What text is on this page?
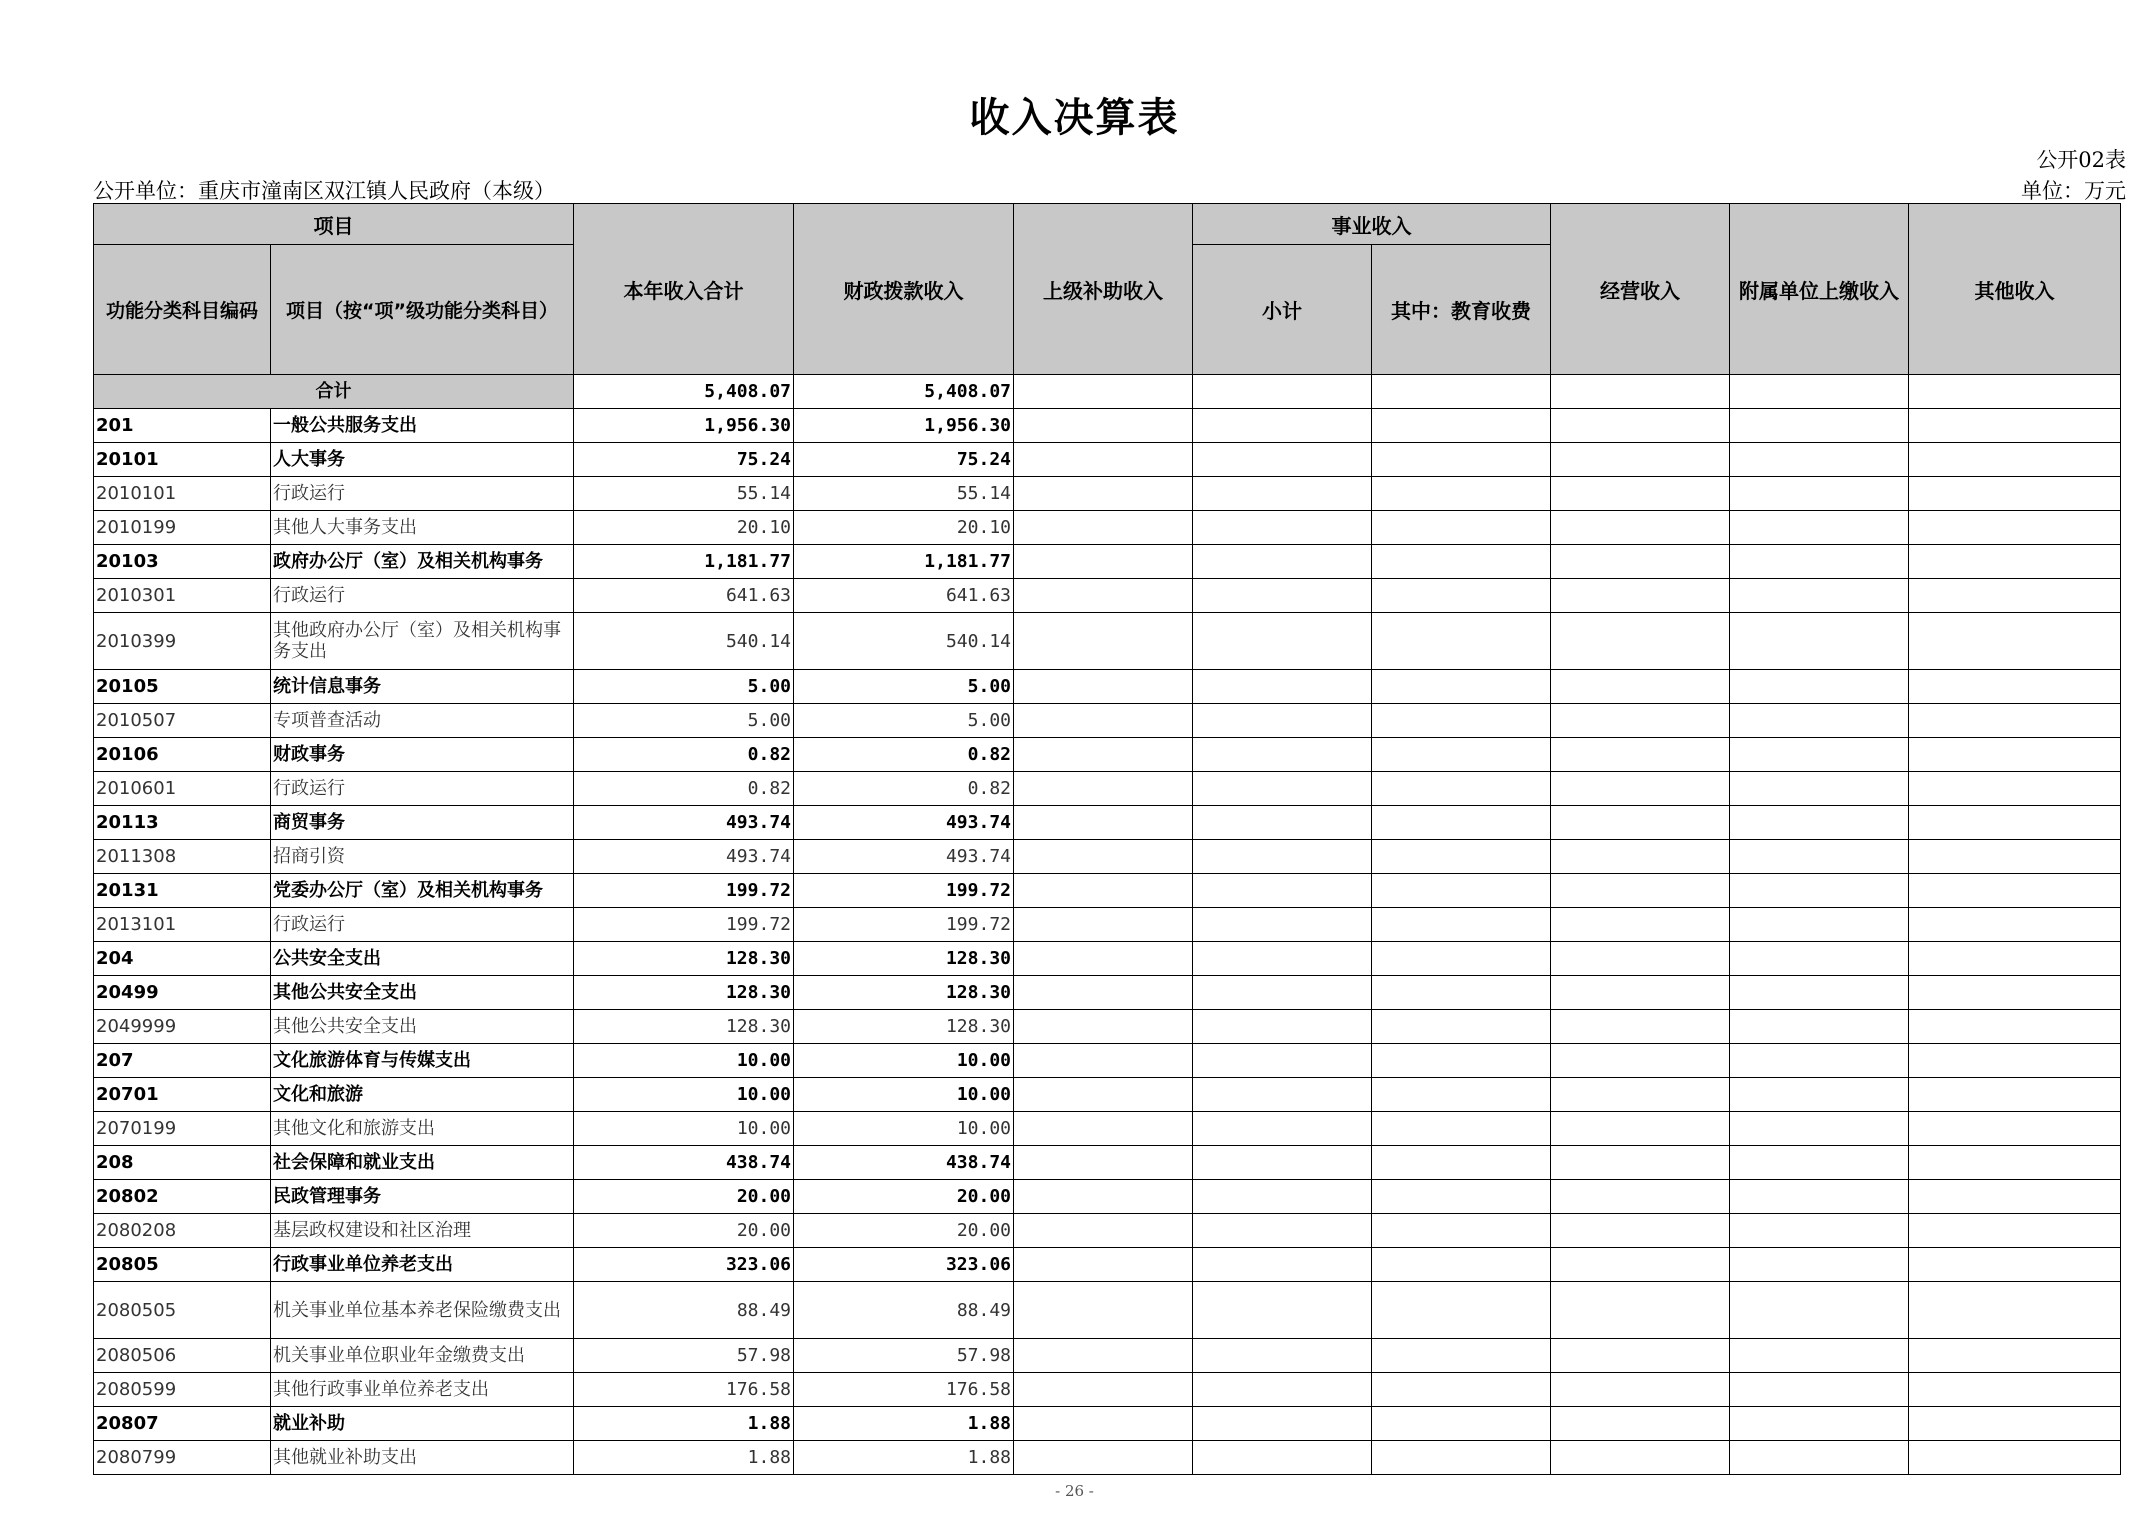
收入决算表
公开02表
公开单位：重庆市潼南区双江镇人民政府（本级）	单位：万元
项目		本年收入合计	财政拨款收入	上级补助收入	事业收入		经营收入	附属单位上缴收入	其他收入
功能分类科目编码	项目（按“项”级功能分类科目）				小计	其中：教育收费			
合计		5,408.07	5,408.07						
201	一般公共服务支出	1,956.30	1,956.30						
20101	人大事务	75.24	75.24						
2010101	行政运行	55.14	55.14						
2010199	其他人大事务支出	20.10	20.10						
20103	政府办公厅（室）及相关机构事务	1,181.77	1,181.77						
2010301	行政运行	641.63	641.63						
2010399	其他政府办公厅（室）及相关机构事务支出	540.14	540.14						
20105	统计信息事务	5.00	5.00						
2010507	专项普查活动	5.00	5.00						
20106	财政事务	0.82	0.82						
2010601	行政运行	0.82	0.82						
20113	商贸事务	493.74	493.74						
2011308	招商引资	493.74	493.74						
20131	党委办公厅（室）及相关机构事务	199.72	199.72						
2013101	行政运行	199.72	199.72						
204	公共安全支出	128.30	128.30						
20499	其他公共安全支出	128.30	128.30						
2049999	其他公共安全支出	128.30	128.30						
207	文化旅游体育与传媒支出	10.00	10.00						
20701	文化和旅游	10.00	10.00						
2070199	其他文化和旅游支出	10.00	10.00						
208	社会保障和就业支出	438.74	438.74						
20802	民政管理事务	20.00	20.00						
2080208	基层政权建设和社区治理	20.00	20.00						
20805	行政事业单位养老支出	323.06	323.06						
2080505	机关事业单位基本养老保险缴费支出	88.49	88.49						
2080506	机关事业单位职业年金缴费支出	57.98	57.98						
2080599	其他行政事业单位养老支出	176.58	176.58						
20807	就业补助	1.88	1.88						
2080799	其他就业补助支出	1.88	1.88						
- 26 -
